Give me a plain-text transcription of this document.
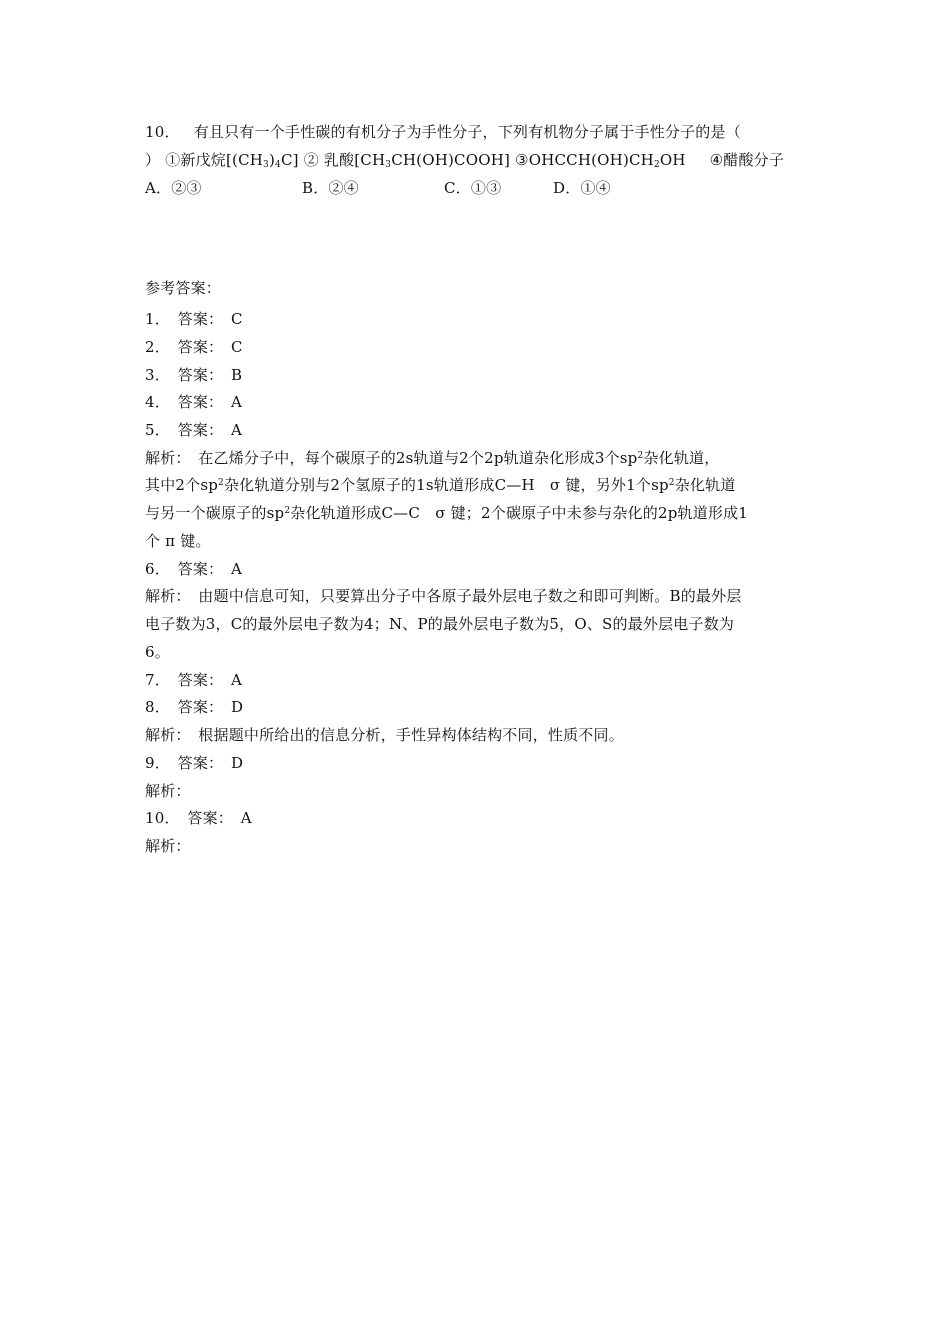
10． 有且只有一个手性碳的有机分子为手性分子，下列有机物分子属于手性分子的是（
） ①新戊烷$[(CH_3)_4C]$ ② 乳酸$[CH_3CH(OH)COOH]$ $③OHCCH(OH)CH_2OH$ ④醋酸分子
A．②③	B．②④	C．①③	D．①④
参考答案：
1．　答案：　C
2．　答案：　C
3．　答案：　B
4．　答案：　A
5．　答案：　A
解析：　在乙烯分子中，每个碳原子的2s轨道与2个2p轨道杂化形成3个$sp^2$杂化轨道，
其中2个$sp^2$杂化轨道分别与2个氢原子的1s轨道形成C—H　σ 键，另外1个$sp^2$杂化轨道
与另一个碳原子的$sp^2$杂化轨道形成C—C　σ 键；2个碳原子中未参与杂化的2p轨道形成1
个 π 键。
6．　答案：　A
解析：　由题中信息可知，只要算出分子中各原子最外层电子数之和即可判断。B的最外层
电子数为3，C的最外层电子数为4；N、P的最外层电子数为5，O、S的最外层电子数为
6。
7．　答案：　A
8．　答案：　D
解析：　根据题中所给出的信息分析，手性异构体结构不同，性质不同。
9．　答案：　D
解析：
10．　答案：　A
解析：
